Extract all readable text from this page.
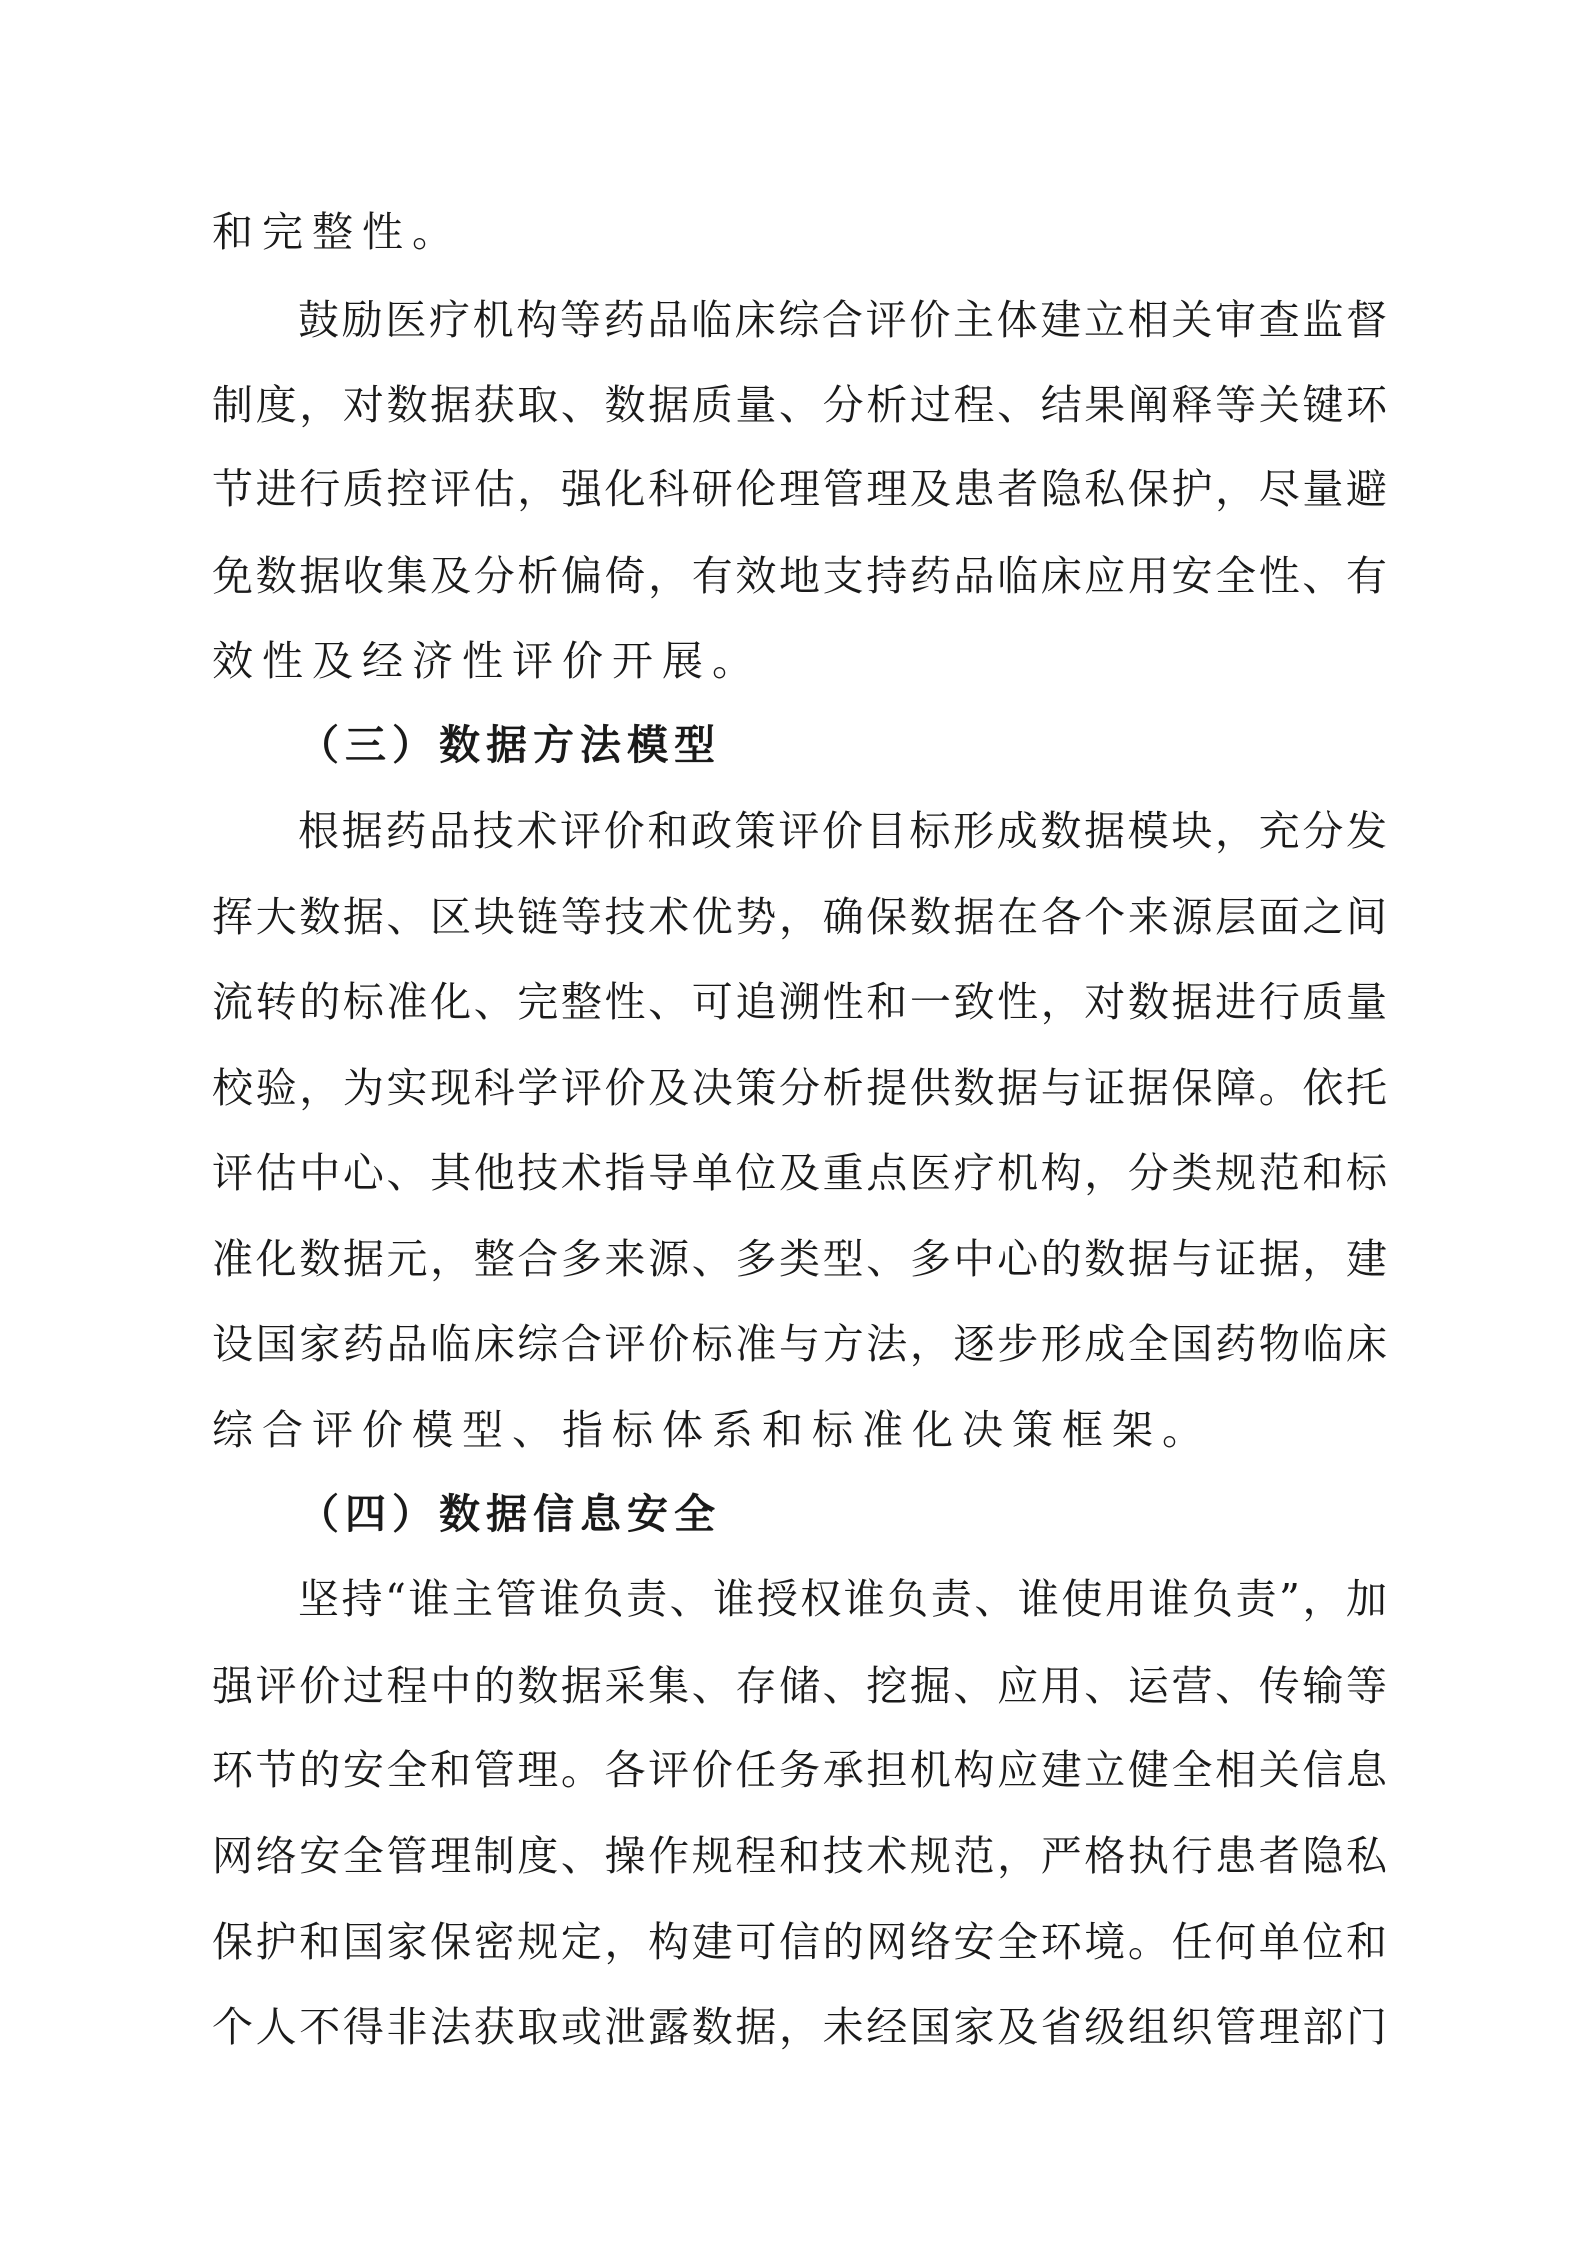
和完整性。
鼓励医疗机构等药品临床综合评价主体建立相关审查监督
制度，对数据获取、数据质量、分析过程、结果阐释等关键环
节进行质控评估，强化科研伦理管理及患者隐私保护，尽量避
免数据收集及分析偏倚，有效地支持药品临床应用安全性、有
效性及经济性评价开展。
（三）数据方法模型
根据药品技术评价和政策评价目标形成数据模块，充分发
挥大数据、区块链等技术优势，确保数据在各个来源层面之间
流转的标准化、完整性、可追溯性和一致性，对数据进行质量
校验，为实现科学评价及决策分析提供数据与证据保障。依托
评估中心、其他技术指导单位及重点医疗机构，分类规范和标
准化数据元，整合多来源、多类型、多中心的数据与证据，建
设国家药品临床综合评价标准与方法，逐步形成全国药物临床
综合评价模型、指标体系和标准化决策框架。
（四）数据信息安全
坚持“谁主管谁负责、谁授权谁负责、谁使用谁负责”，加
强评价过程中的数据采集、存储、挖掘、应用、运营、传输等
环节的安全和管理。各评价任务承担机构应建立健全相关信息
网络安全管理制度、操作规程和技术规范，严格执行患者隐私
保护和国家保密规定，构建可信的网络安全环境。任何单位和
个人不得非法获取或泄露数据，未经国家及省级组织管理部门
